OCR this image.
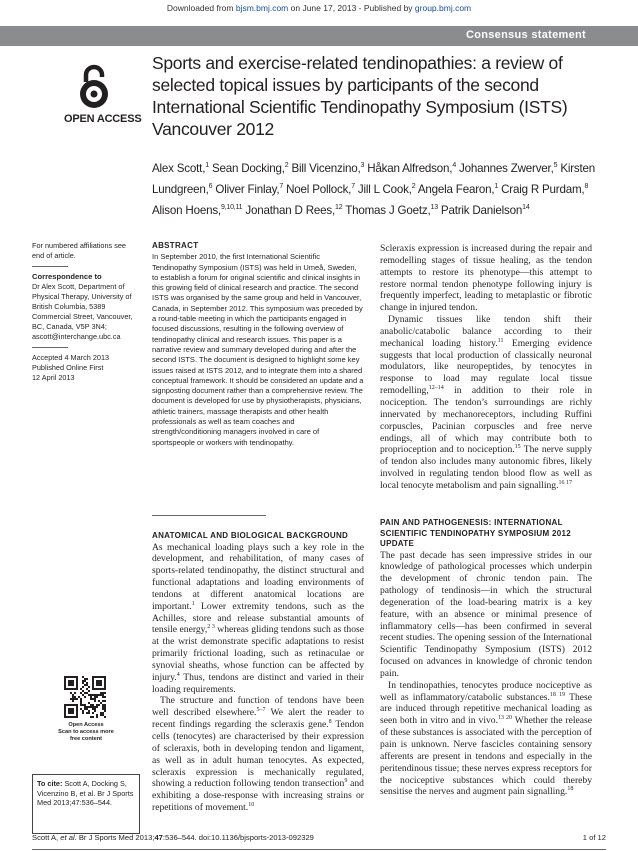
Downloaded from bjsm.bmj.com on June 17, 2013 - Published by group.bmj.com
Consensus statement
OPEN ACCESS
Sports and exercise-related tendinopathies: a review of selected topical issues by participants of the second International Scientific Tendinopathy Symposium (ISTS) Vancouver 2012
Alex Scott,$^1$ Sean Docking,$^2$ Bill Vicenzino,$^3$ Håkan Alfredson,$^4$ Johannes Zwerver,$^5$ Kirsten Lundgreen,$^6$ Oliver Finlay,$^7$ Noel Pollock,$^7$ Jill L Cook,$^2$ Angela Fearon,$^1$ Craig R Purdam,$^8$ Alison Hoens,$^{9,10,11}$ Jonathan D Rees,$^{12}$ Thomas J Goetz,$^{13}$ Patrik Danielson$^{14}$
For numbered affiliations see end of article.
Correspondence to
Dr Alex Scott, Department of
Physical Therapy, University of
British Columbia, 5389
Commercial Street, Vancouver,
BC, Canada, V5P 3N4;
ascott@interchange.ubc.ca
Accepted 4 March 2013
Published Online First
12 April 2013
Open Access
Scan to access more
free content
To cite: Scott A, Docking S, Vicenzino B, et al. Br J Sports Med 2013;47:536–544.
ABSTRACT
In September 2010, the first International Scientific Tendinopathy Symposium (ISTS) was held in Umeå, Sweden, to establish a forum for original scientific and clinical insights in this growing field of clinical research and practice. The second ISTS was organised by the same group and held in Vancouver, Canada, in September 2012. This symposium was preceded by a round-table meeting in which the participants engaged in focused discussions, resulting in the following overview of tendinopathy clinical and research issues. This paper is a narrative review and summary developed during and after the second ISTS. The document is designed to highlight some key issues raised at ISTS 2012, and to integrate them into a shared conceptual framework. It should be considered an update and a signposting document rather than a comprehensive review. The document is developed for use by physiotherapists, physicians, athletic trainers, massage therapists and other health professionals as well as team coaches and strength/conditioning managers involved in care of sportspeople or workers with tendinopathy.
ANATOMICAL AND BIOLOGICAL BACKGROUND

As mechanical loading plays such a key role in the development, and rehabilitation, of many cases of sports-related tendinopathy, the distinct structural and functional adaptations and loading environments of tendons at different anatomical locations are important.$^1$ Lower extremity tendons, such as the Achilles, store and release substantial amounts of tensile energy,$^{2 3}$ whereas gliding tendons such as those at the wrist demonstrate specific adaptations to resist primarily frictional loading, such as retinaculae or synovial sheaths, whose function can be affected by injury.$^4$ Thus, tendons are distinct and varied in their loading requirements.

The structure and function of tendons have been well described elsewhere.$^{5-7}$ We alert the reader to recent findings regarding the scleraxis gene.$^8$ Tendon cells (tenocytes) are characterised by their expression of scleraxis, both in developing tendon and ligament, as well as in adult human tenocytes. As expected, scleraxis expression is mechanically regulated, showing a reduction following tendon transection$^9$ and exhibiting a dose-response with increasing strains or repetitions of movement.$^{10}$

Scleraxis expression is increased during the repair and remodelling stages of tissue healing, as the tendon attempts to restore its phenotype—this attempt to restore normal tendon phenotype following injury is frequently imperfect, leading to metaplastic or fibrotic change in injured tendon.

Dynamic tissues like tendon shift their anabolic/catabolic balance according to their mechanical loading history.$^{11}$ Emerging evidence suggests that local production of classically neuronal modulators, like neuropeptides, by tenocytes in response to load may regulate local tissue remodelling,$^{12-14}$ in addition to their role in nociception. The tendon’s surroundings are richly innervated by mechanoreceptors, including Ruffini corpuscles, Pacinian corpuscles and free nerve endings, all of which may contribute both to proprioception and to nociception.$^{15}$ The nerve supply of tendon also includes many autonomic fibres, likely involved in regulating tendon blood flow as well as local tenocyte metabolism and pain signalling.$^{16 17}$

PAIN AND PATHOGENESIS: INTERNATIONAL SCIENTIFIC TENDINOPATHY SYMPOSIUM 2012 UPDATE

The past decade has seen impressive strides in our knowledge of pathological processes which underpin the development of chronic tendon pain. The pathology of tendinosis—in which the structural degeneration of the load-bearing matrix is a key feature, with an absence or minimal presence of inflammatory cells—has been confirmed in several recent studies. The opening session of the International Scientific Tendinopathy Symposium (ISTS) 2012 focused on advances in knowledge of chronic tendon pain.

In tendinopathies, tenocytes produce nociceptive as well as inflammatory/catabolic substances.$^{18 19}$ These are induced through repetitive mechanical loading as seen both in vitro and in vivo.$^{13 20}$ Whether the release of these substances is associated with the perception of pain is unknown. Nerve fascicles containing sensory afferents are present in tendons and especially in the peritendinous tissue; these nerves express receptors for the nociceptive substances which could thereby sensitise the nerves and augment pain signalling.$^{18}$

Scott A, et al. Br J Sports Med 2013;47:536–544. doi:10.1136/bjsports-2013-092329	1 of 12
